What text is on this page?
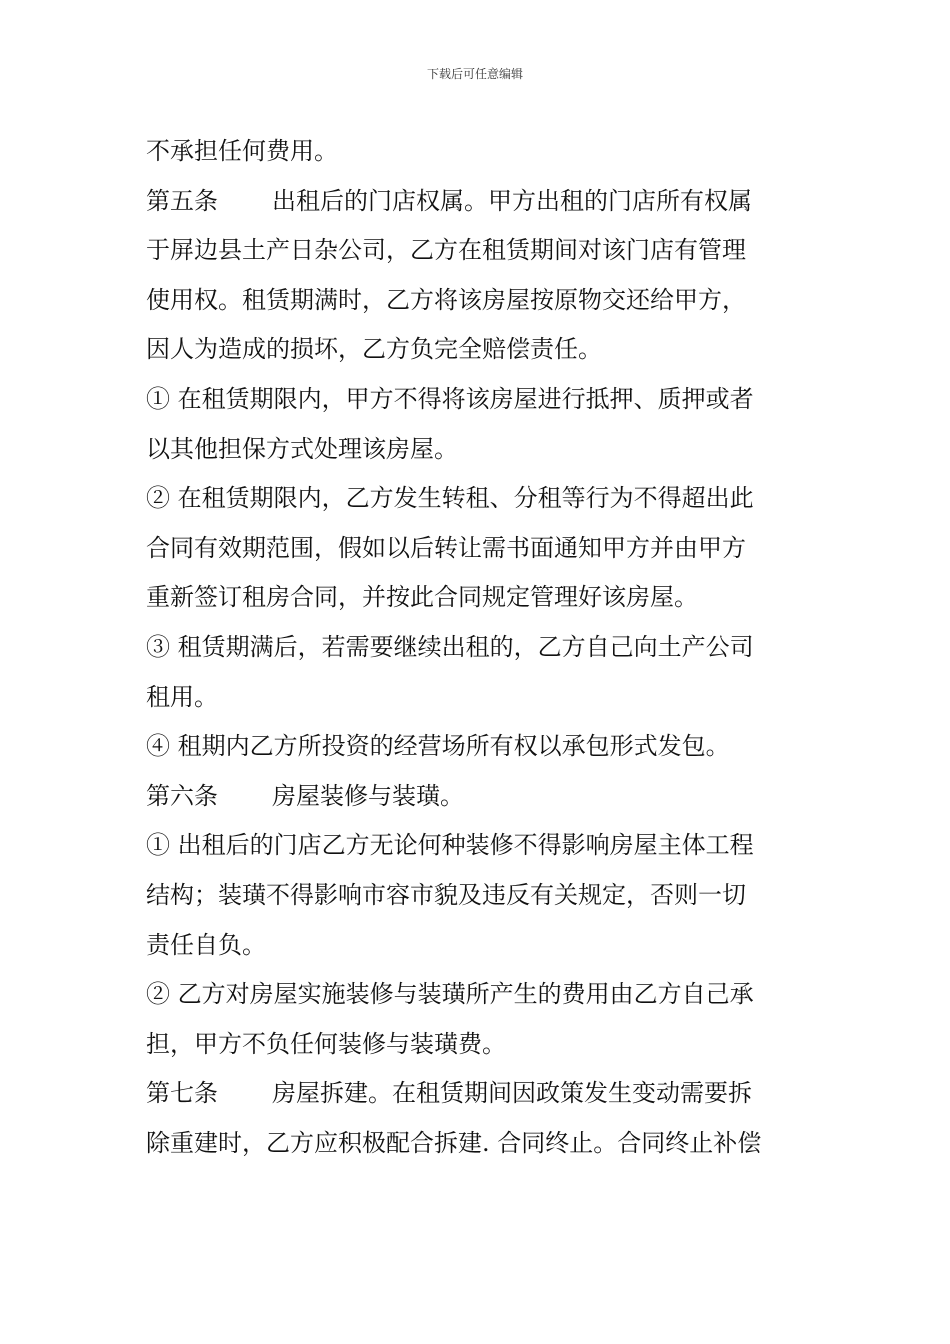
下载后可任意编辑
不承担任何费用。
第五条 出租后的门店权属。甲方出租的门店所有权属
于屏边县土产日杂公司，乙方在租赁期间对该门店有管理
使用权。租赁期满时，乙方将该房屋按原物交还给甲方，
因人为造成的损坏，乙方负完全赔偿责任。
① 在租赁期限内，甲方不得将该房屋进行抵押、质押或者
以其他担保方式处理该房屋。
② 在租赁期限内，乙方发生转租、分租等行为不得超出此
合同有效期范围，假如以后转让需书面通知甲方并由甲方
重新签订租房合同，并按此合同规定管理好该房屋。
③ 租赁期满后，若需要继续出租的，乙方自己向土产公司
租用。
④ 租期内乙方所投资的经营场所有权以承包形式发包。
第六条 房屋装修与装璜。
① 出租后的门店乙方无论何种装修不得影响房屋主体工程
结构；装璜不得影响市容市貌及违反有关规定，否则一切
责任自负。
② 乙方对房屋实施装修与装璜所产生的费用由乙方自己承
担，甲方不负任何装修与装璜费。
第七条 房屋拆建。在租赁期间因政策发生变动需要拆
除重建时，乙方应积极配合拆建. 合同终止。合同终止补偿
